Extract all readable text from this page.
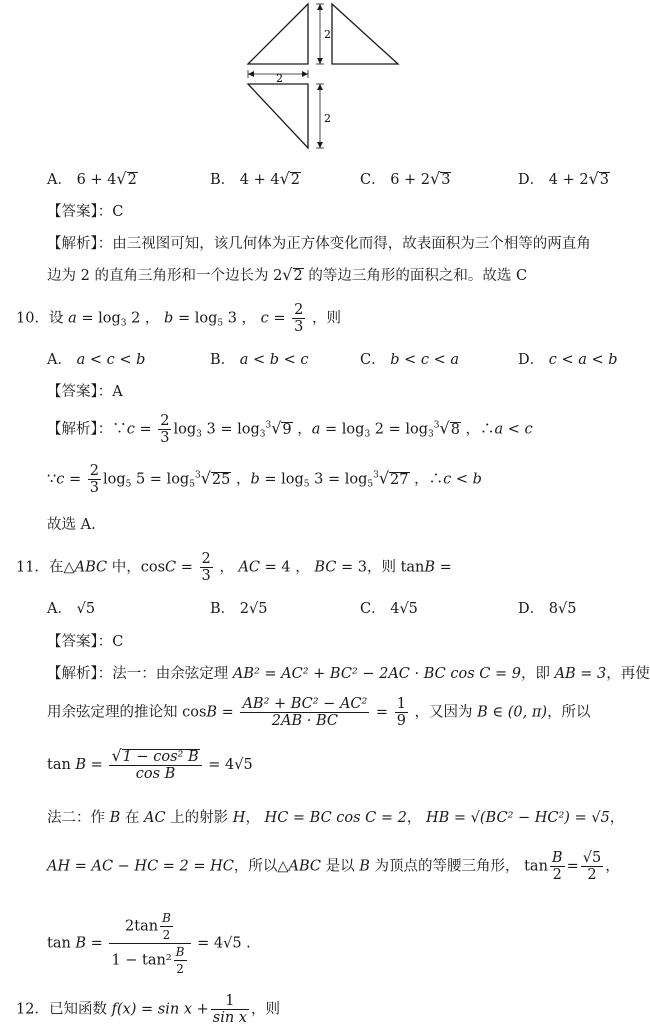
2
2
2
A． 6 + 4√2	B． 4 + 4√2	C． 6 + 2√3	D． 4 + 2√3
【答案】：C
【解析】：由三视图可知，该几何体为正方体变化而得，故表面积为三个相等的两直角
边为 2 的直角三角形和一个边长为 2√2 的等边三角形的面积之和。故选 C
10．设 $a = \log_3 2$ ， $b = \log_5 3$ ， $c = \frac{2}{3}$ ，则
A． a < c < b	B． a < b < c	C． b < c < a	D． c < a < b
【答案】：A
【解析】：∵c = $\frac{2}{3} \log_3 3 = \log_3^3√9$ ，$a = \log_3 2 = \log_3^3√8$ ，∴a < c
∵c = $\frac{2}{3} \log_5 5 = \log_5^3√25$ ，$b = \log_5 3 = \log_5^3√27$ ，∴c < b
故选 A.
11．在△ABC 中，$\cos C = \frac{2}{3}$ ， AC = 4 ， BC = 3，则 tanB =
A． √5	B． 2√5	C． 4√5	D． 8√5
【答案】：C
【解析】：法一：由余弦定理 AB² = AC² + BC² − 2AC · BC cos C = 9，即 AB = 3，再使
用余弦定理的推论知 $\cos B = \frac{\text{AB² + BC² − AC²}}{2AB \cdot BC} = \frac{1}{9}$ ，又因为 B ∈ (0, π)，所以
$\tan B = \frac{\text{√1 − cos² B}}{\text{cos B}} = 4√5$
法二：作 B 在 AC 上的射影 H， HC = BC cos C = 2， HB = √(BC² − HC²) = √5，
AH = AC − HC = 2 = HC，所以△ABC 是以 B 为顶点的等腰三角形， $\tan \frac{B}{2} = \frac{√5}{2}$ ，
$\tan B = \frac{2\tan \frac{B}{2}}{1 - \tan^2 \frac{B}{2}} = 4√5$ .
12．已知函数 $f(x) = \sin x + \frac{1}{\text{sin x}}$ ，则
